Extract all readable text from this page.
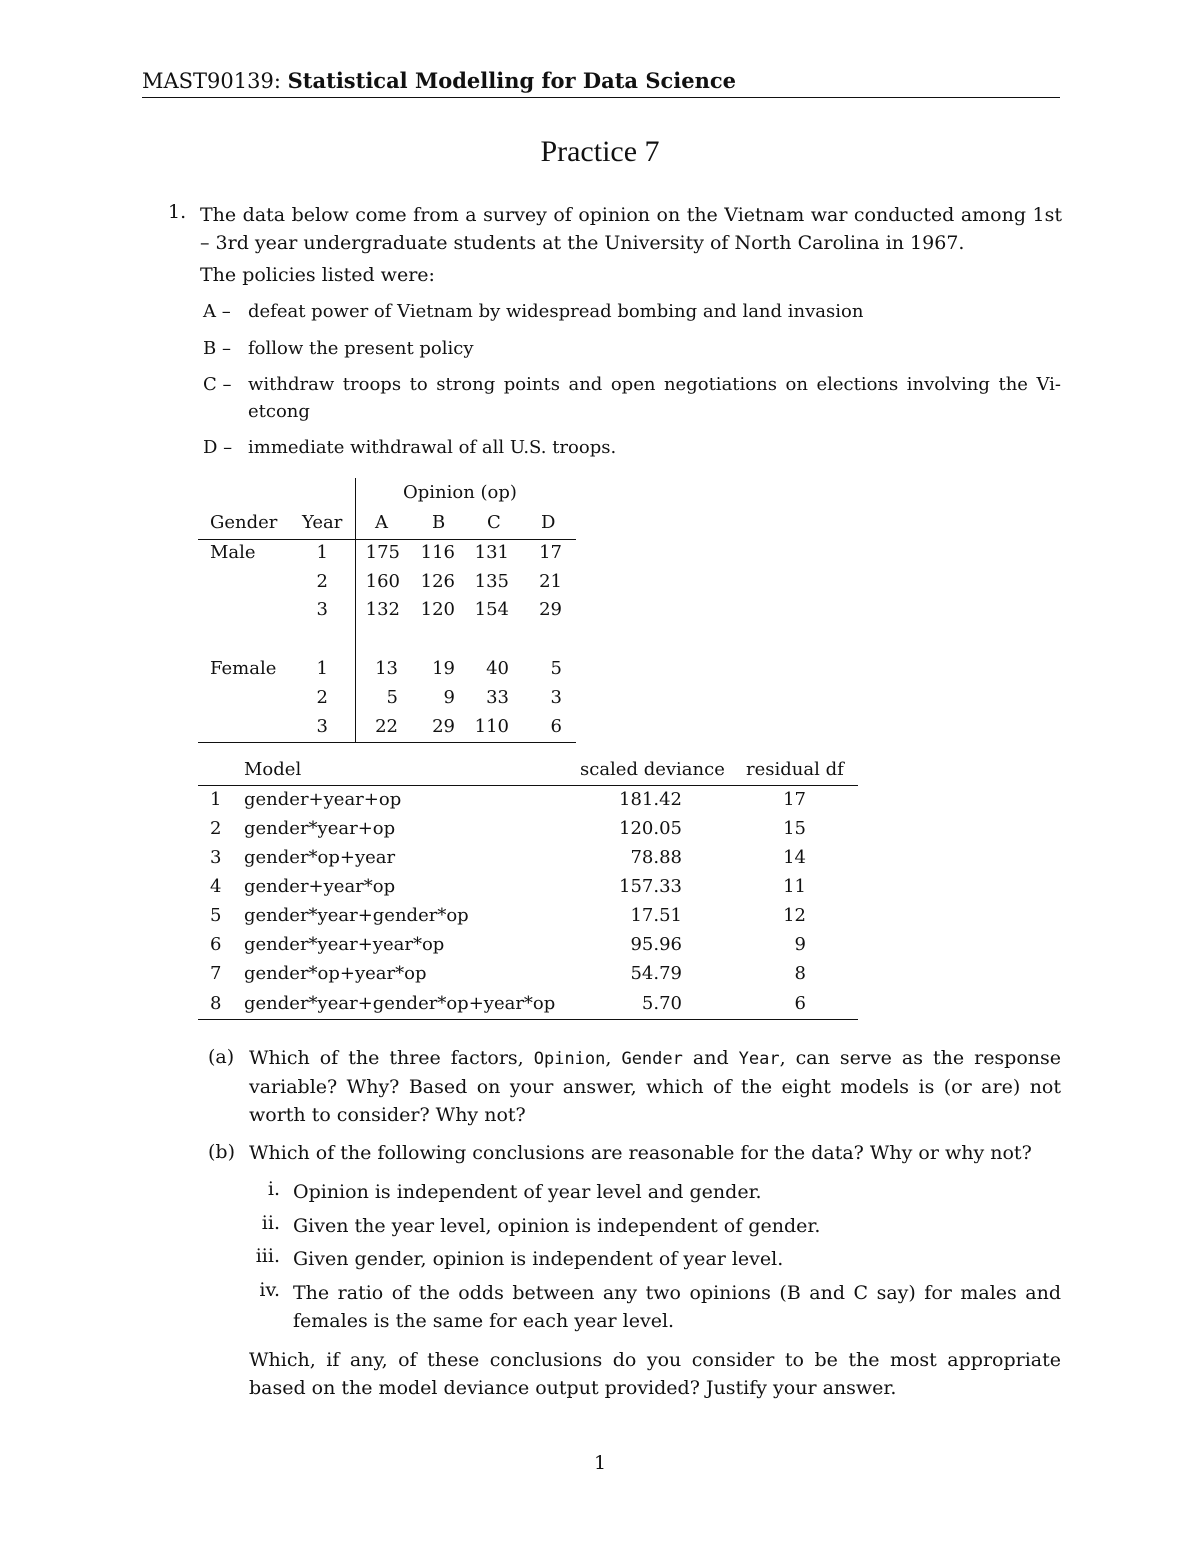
MAST90139: Statistical Modelling for Data Science
Practice 7
1. The data below come from a survey of opinion on the Vietnam war conducted among 1st – 3rd year undergraduate students at the University of North Carolina in 1967.
The policies listed were:
A – defeat power of Vietnam by widespread bombing and land invasion
B – follow the present policy
C – withdraw troops to strong points and open negotiations on elections involving the Vi- etcong
D – immediate withdrawal of all U.S. troops.
Opinion (op)
Gender Year A B C D
Male	1	175	116	131	17
2	160	126	135	21
3	132	120	154	29
Female	1	13	19	40	5
2	5	9	33	3
3	22	29	110	6
Model	scaled deviance residual df
1 gender+year+op	181.42	17
2 gender*year+op	120.05	15
3 gender*op+year	78.88	14
4 gender+year*op	157.33	11
5 gender*year+gender*op	17.51	12
6 gender*year+year*op	95.96	9
7 gender*op+year*op	54.79	8
8 gender*year+gender*op+year*op	5.70	6
(a) Which of the three factors, Opinion, Gender and Year, can serve as the response variable? Why? Based on your answer, which of the eight models is (or are) not worth to consider? Why not?
(b) Which of the following conclusions are reasonable for the data? Why or why not?
i. Opinion is independent of year level and gender.
ii. Given the year level, opinion is independent of gender.
iii. Given gender, opinion is independent of year level.
iv. The ratio of the odds between any two opinions (B and C say) for males and females is the same for each year level.
Which, if any, of these conclusions do you consider to be the most appropriate based on the model deviance output provided? Justify your answer.
1
